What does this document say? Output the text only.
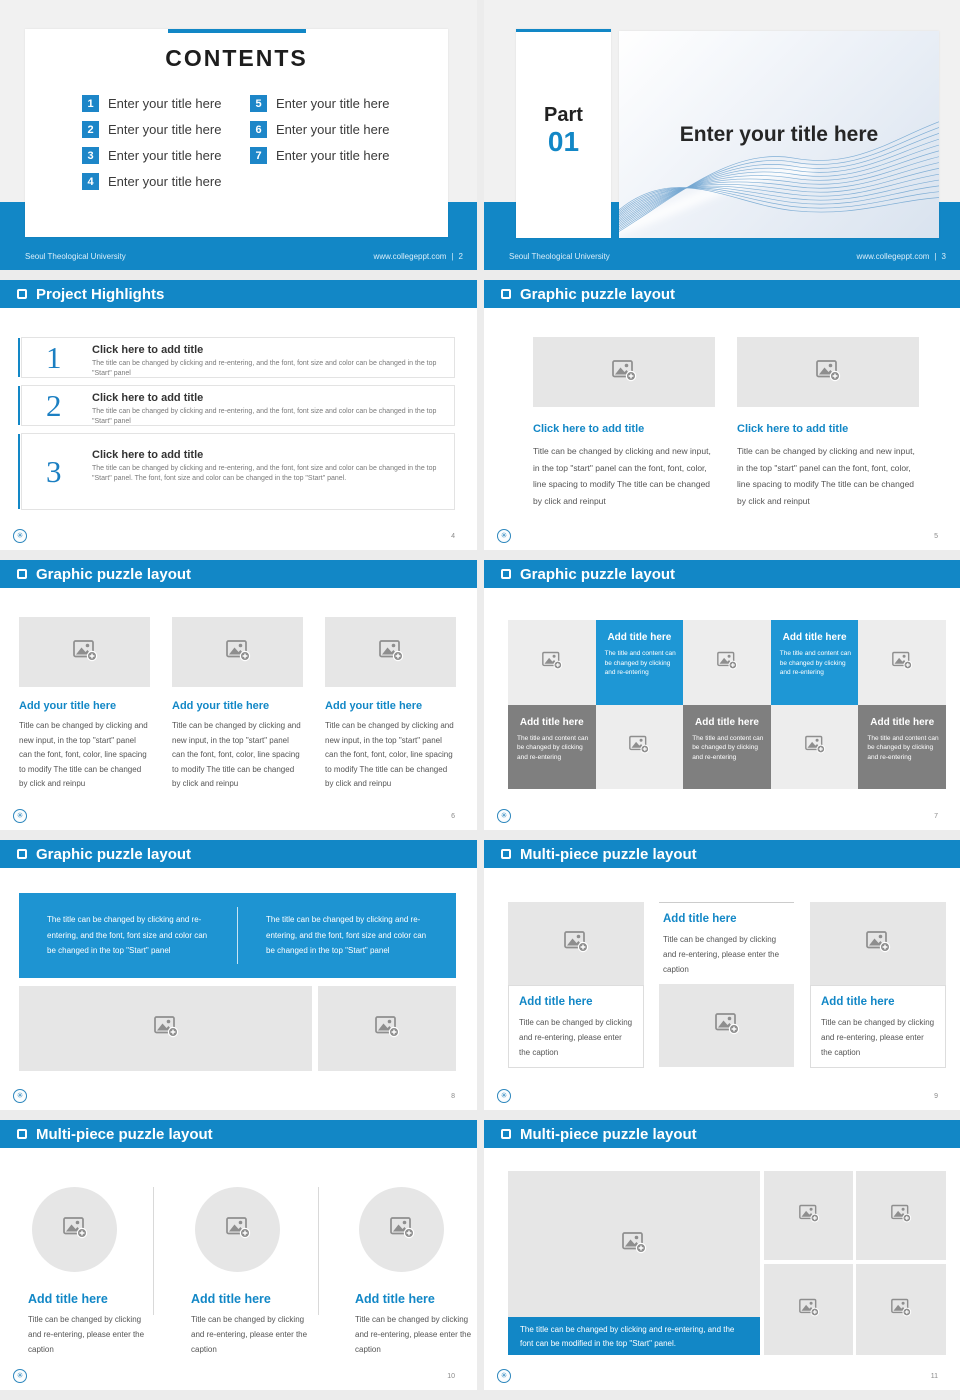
CONTENTS
1	Enter your title here
2	Enter your title here
3	Enter your title here
4	Enter your title here
5	Enter your title here
6	Enter your title here
7	Enter your title here
Seoul Theological University	www.collegeppt.com | 2
Part
01	Enter your title here
Seoul Theological University	www.collegeppt.com | 3
Project Highlights
1	Click here to add title
The title can be changed by clicking and re-entering, and the font, font size and color can be changed in the top "Start" panel
2	Click here to add title
The title can be changed by clicking and re-entering, and the font, font size and color can be changed in the top "Start" panel
3	Click here to add title
The title can be changed by clicking and re-entering, and the font, font size and color can be changed in the top "Start" panel. The font, font size and color can be changed in the top "Start" panel.
✳
4
Graphic puzzle layout
Click here to add title
Title can be changed by clicking and new input, in the top "start" panel can the font, font, color, line spacing to modify The title can be changed by click and reinput
Click here to add title
Title can be changed by clicking and new input, in the top "start" panel can the font, font, color, line spacing to modify The title can be changed by click and reinput
✳
5
Graphic puzzle layout
Add your title here
Title can be changed by clicking and new input, in the top "start" panel can the font, font, color, line spacing to modify The title can be changed by click and reinpu
Add your title here
Title can be changed by clicking and new input, in the top "start" panel can the font, font, color, line spacing to modify The title can be changed by click and reinpu
Add your title here
Title can be changed by clicking and new input, in the top "start" panel can the font, font, color, line spacing to modify The title can be changed by click and reinpu
✳
6
Graphic puzzle layout
Add title here
The title and content can be changed by clicking and re-entering
Add title here
The title and content can be changed by clicking and re-entering
Add title here
The title and content can be changed by clicking and re-entering
Add title here
The title and content can be changed by clicking and re-entering
Add title here
The title and content can be changed by clicking and re-entering
✳
7
Graphic puzzle layout
The title can be changed by clicking and re-entering, and the font, font size and color can be changed in the top "Start" panel
The title can be changed by clicking and re-entering, and the font, font size and color can be changed in the top "Start" panel
✳
8
Multi-piece puzzle layout
Add title here
Title can be changed by clicking and re-entering, please enter the caption
Add title here
Title can be changed by clicking and re-entering, please enter the caption
Add title here
Title can be changed by clicking and re-entering, please enter the caption
✳
9
Multi-piece puzzle layout
Add title here
Title can be changed by clicking and re-entering, please enter the caption
Add title here
Title can be changed by clicking and re-entering, please enter the caption
Add title here
Title can be changed by clicking and re-entering, please enter the caption
✳
10
Multi-piece puzzle layout
The title can be changed by clicking and re-entering, and the font can be modified in the top "Start" panel.
✳
11
